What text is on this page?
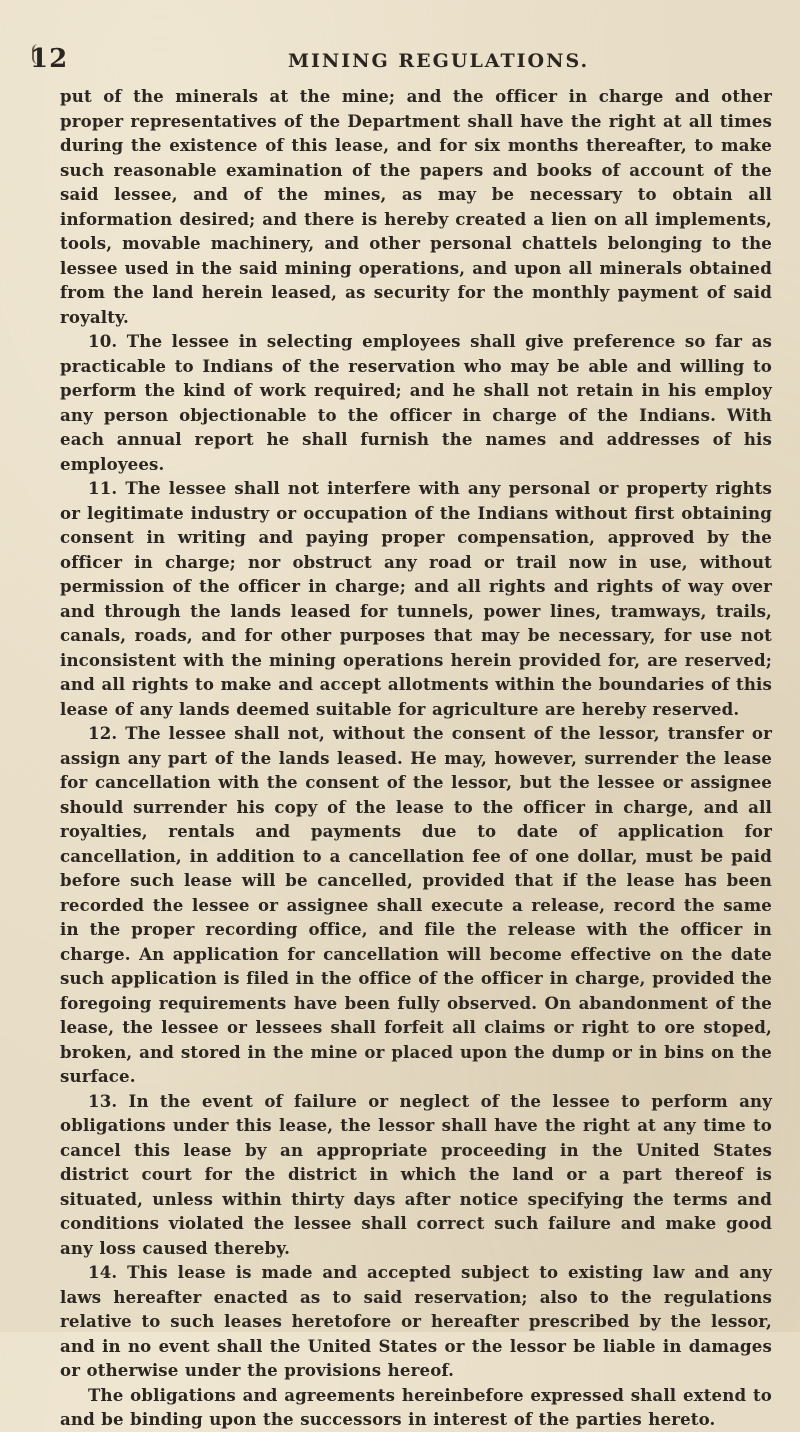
12	MINING REGULATIONS.

put of the minerals at the mine; and the officer in charge and other proper representatives of the Department shall have the right at all times during the existence of this lease, and for six months thereafter, to make such reasonable examination of the papers and books of account of the said lessee, and of the mines, as may be necessary to obtain all information desired; and there is hereby created a lien on all implements, tools, movable machinery, and other personal chattels belonging to the lessee used in the said mining operations, and upon all minerals obtained from the land herein leased, as security for the monthly payment of said royalty.

10. The lessee in selecting employees shall give preference so far as practicable to Indians of the reservation who may be able and willing to perform the kind of work required; and he shall not retain in his employ any person objectionable to the officer in charge of the Indians. With each annual report he shall furnish the names and addresses of his employees.

11. The lessee shall not interfere with any personal or property rights or legitimate industry or occupation of the Indians without first obtaining consent in writing and paying proper compensation, approved by the officer in charge; nor obstruct any road or trail now in use, without permission of the officer in charge; and all rights and rights of way over and through the lands leased for tunnels, power lines, tramways, trails, canals, roads, and for other purposes that may be necessary, for use not inconsistent with the mining operations herein provided for, are reserved; and all rights to make and accept allotments within the boundaries of this lease of any lands deemed suitable for agriculture are hereby reserved.

12. The lessee shall not, without the consent of the lessor, transfer or assign any part of the lands leased. He may, however, surrender the lease for cancellation with the consent of the lessor, but the lessee or assignee should surrender his copy of the lease to the officer in charge, and all royalties, rentals and payments due to date of application for cancellation, in addition to a cancellation fee of one dollar, must be paid before such lease will be cancelled, provided that if the lease has been recorded the lessee or assignee shall execute a release, record the same in the proper recording office, and file the release with the officer in charge. An application for cancellation will become effective on the date such application is filed in the office of the officer in charge, provided the foregoing requirements have been fully observed. On abandonment of the lease, the lessee or lessees shall forfeit all claims or right to ore stoped, broken, and stored in the mine or placed upon the dump or in bins on the surface.

13. In the event of failure or neglect of the lessee to perform any obligations under this lease, the lessor shall have the right at any time to cancel this lease by an appropriate proceeding in the United States district court for the district in which the land or a part thereof is situated, unless within thirty days after notice specifying the terms and conditions violated the lessee shall correct such failure and make good any loss caused thereby.

14. This lease is made and accepted subject to existing law and any laws hereafter enacted as to said reservation; also to the regulations relative to such leases heretofore or hereafter prescribed by the lessor, and in no event shall the United States or the lessor be liable in damages or otherwise under the provisions hereof.

The obligations and agreements hereinbefore expressed shall extend to and be binding upon the successors in interest of the parties hereto.
